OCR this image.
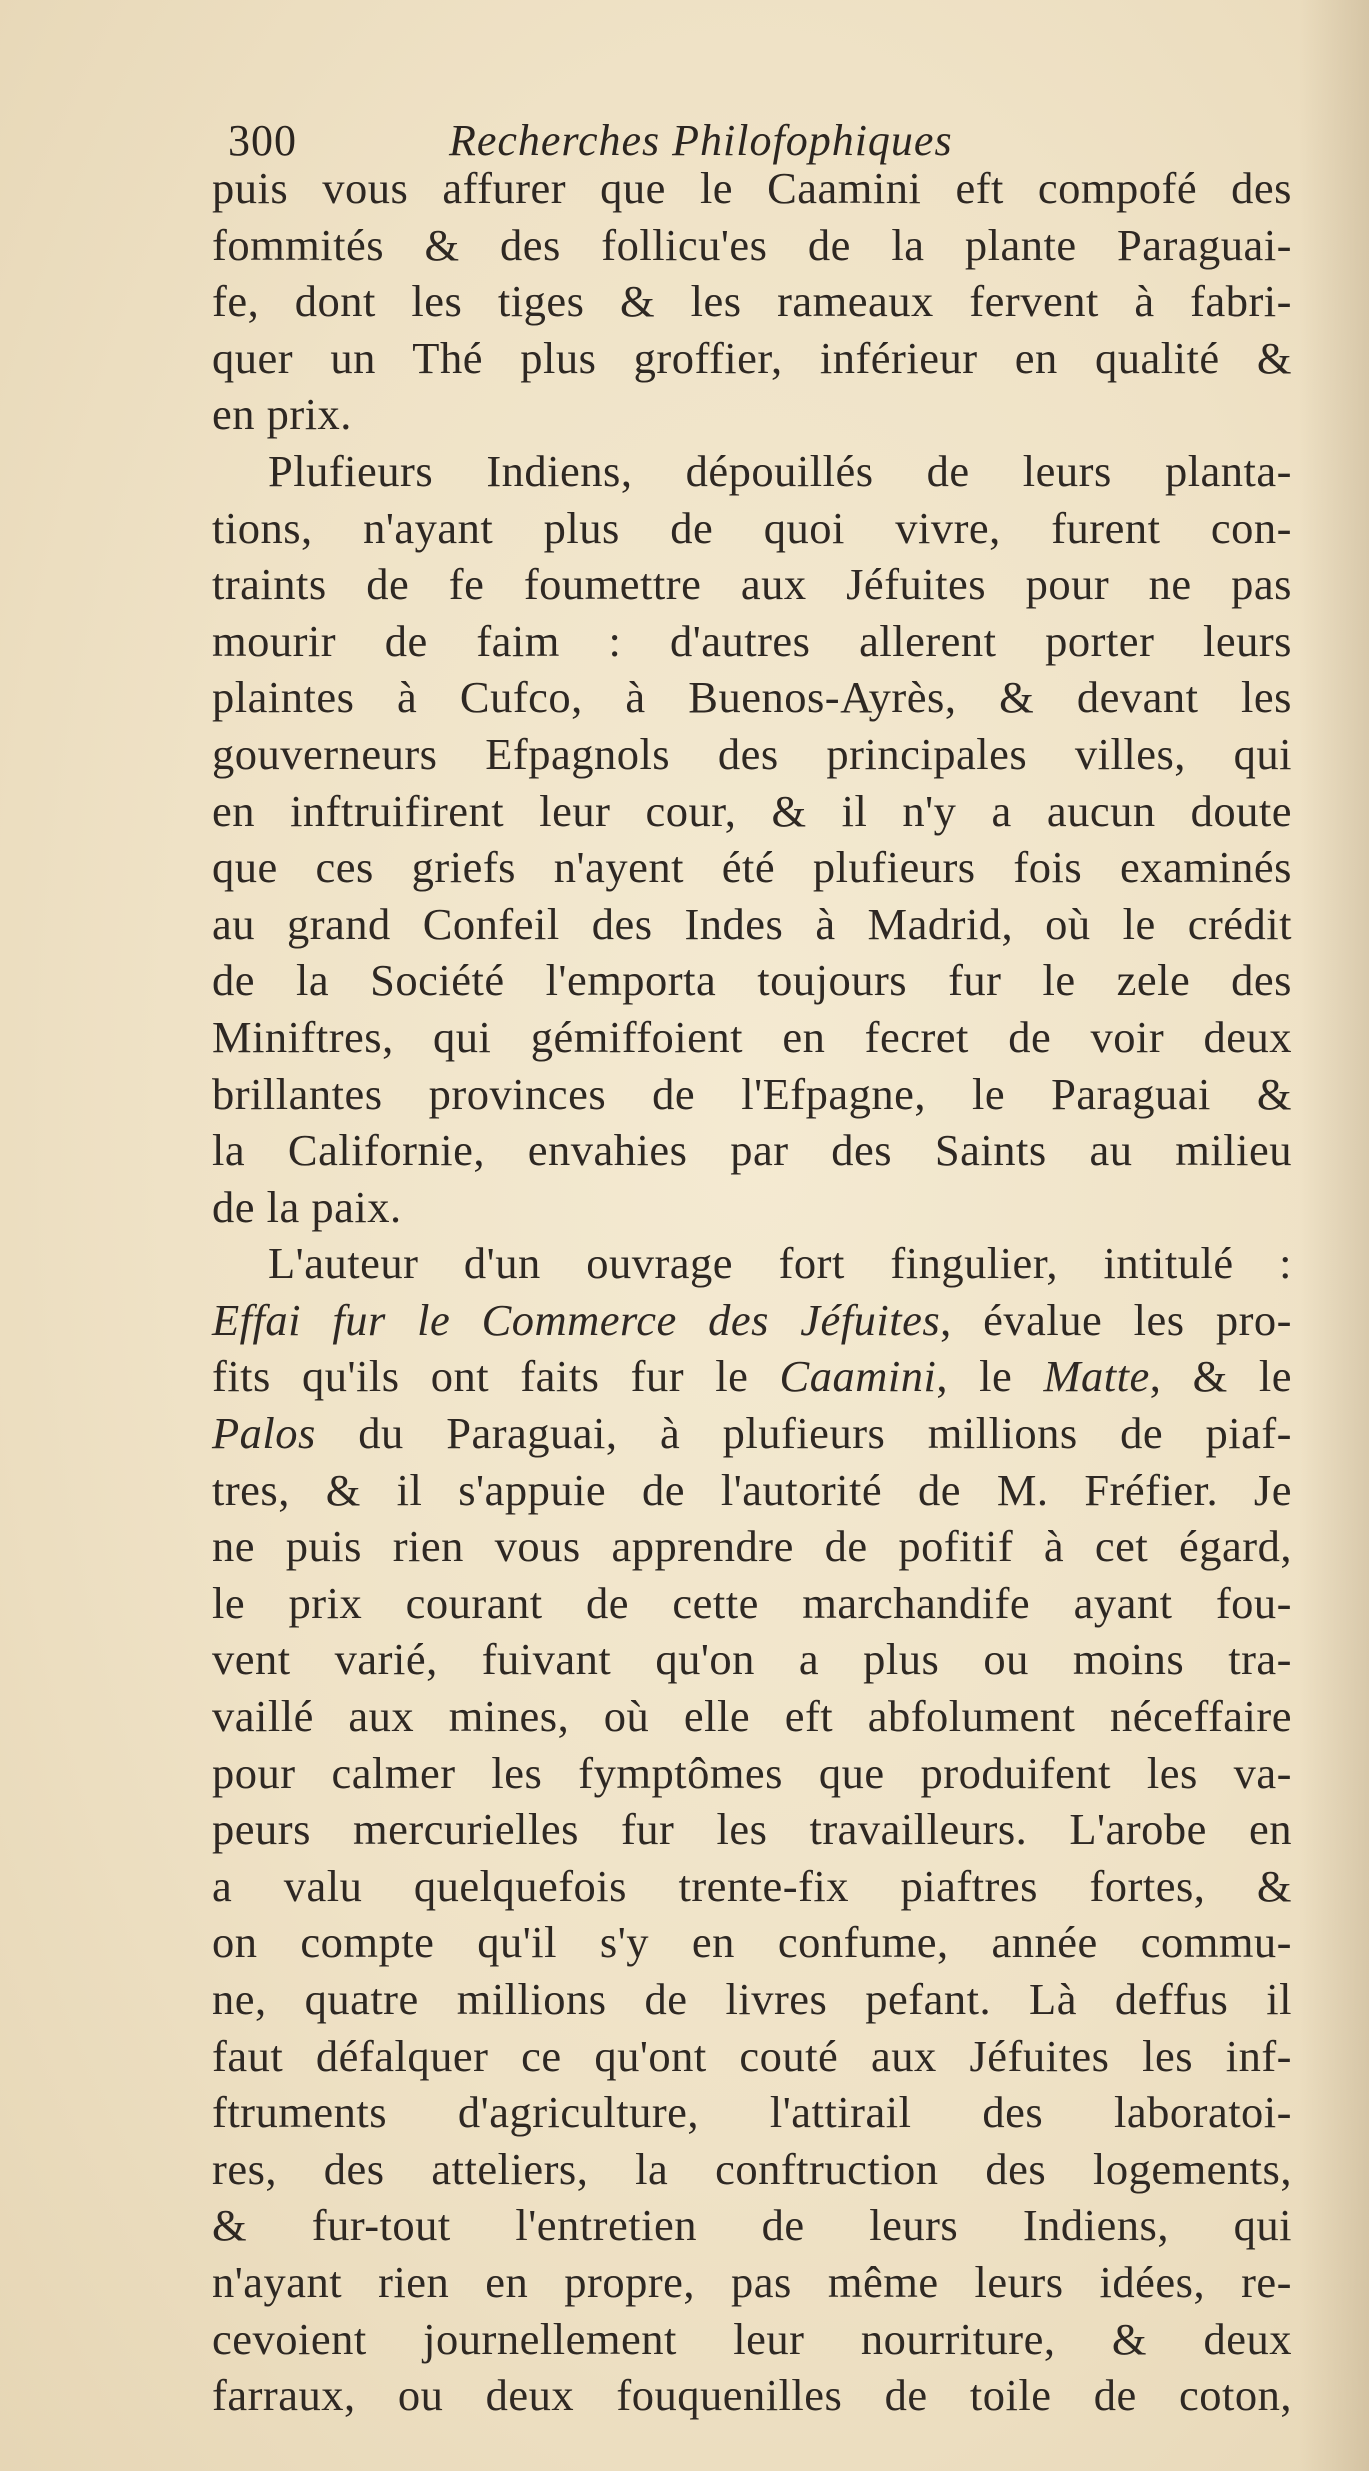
300	Recherches Philofophiques
puis vous affurer que le Caamini eft compofé des
fommités & des follicu'es de la plante Paraguai-
fe, dont les tiges & les rameaux fervent à fabri-
quer un Thé plus groffier, inférieur en qualité &
en prix.
Plufieurs Indiens, dépouillés de leurs planta-
tions, n'ayant plus de quoi vivre, furent con-
traints de fe foumettre aux Jéfuites pour ne pas
mourir de faim : d'autres allerent porter leurs
plaintes à Cufco, à Buenos-Ayrès, & devant les
gouverneurs Efpagnols des principales villes, qui
en inftruifirent leur cour, & il n'y a aucun doute
que ces griefs n'ayent été plufieurs fois examinés
au grand Confeil des Indes à Madrid, où le crédit
de la Société l'emporta toujours fur le zele des
Miniftres, qui gémiffoient en fecret de voir deux
brillantes provinces de l'Efpagne, le Paraguai &
la Californie, envahies par des Saints au milieu
de la paix.
L'auteur d'un ouvrage fort fingulier, intitulé :
Effai fur le Commerce des Jéfuites, évalue les pro-
fits qu'ils ont faits fur le Caamini, le Matte, & le
Palos du Paraguai, à plufieurs millions de piaf-
tres, & il s'appuie de l'autorité de M. Fréfier. Je
ne puis rien vous apprendre de pofitif à cet égard,
le prix courant de cette marchandife ayant fou-
vent varié, fuivant qu'on a plus ou moins tra-
vaillé aux mines, où elle eft abfolument néceffaire
pour calmer les fymptômes que produifent les va-
peurs mercurielles fur les travailleurs. L'arobe en
a valu quelquefois trente-fix piaftres fortes, &
on compte qu'il s'y en confume, année commu-
ne, quatre millions de livres pefant. Là deffus il
faut défalquer ce qu'ont couté aux Jéfuites les inf-
ftruments d'agriculture, l'attirail des laboratoi-
res, des atteliers, la conftruction des logements,
& fur-tout l'entretien de leurs Indiens, qui
n'ayant rien en propre, pas même leurs idées, re-
cevoient journellement leur nourriture, & deux
farraux, ou deux fouquenilles de toile de coton,
